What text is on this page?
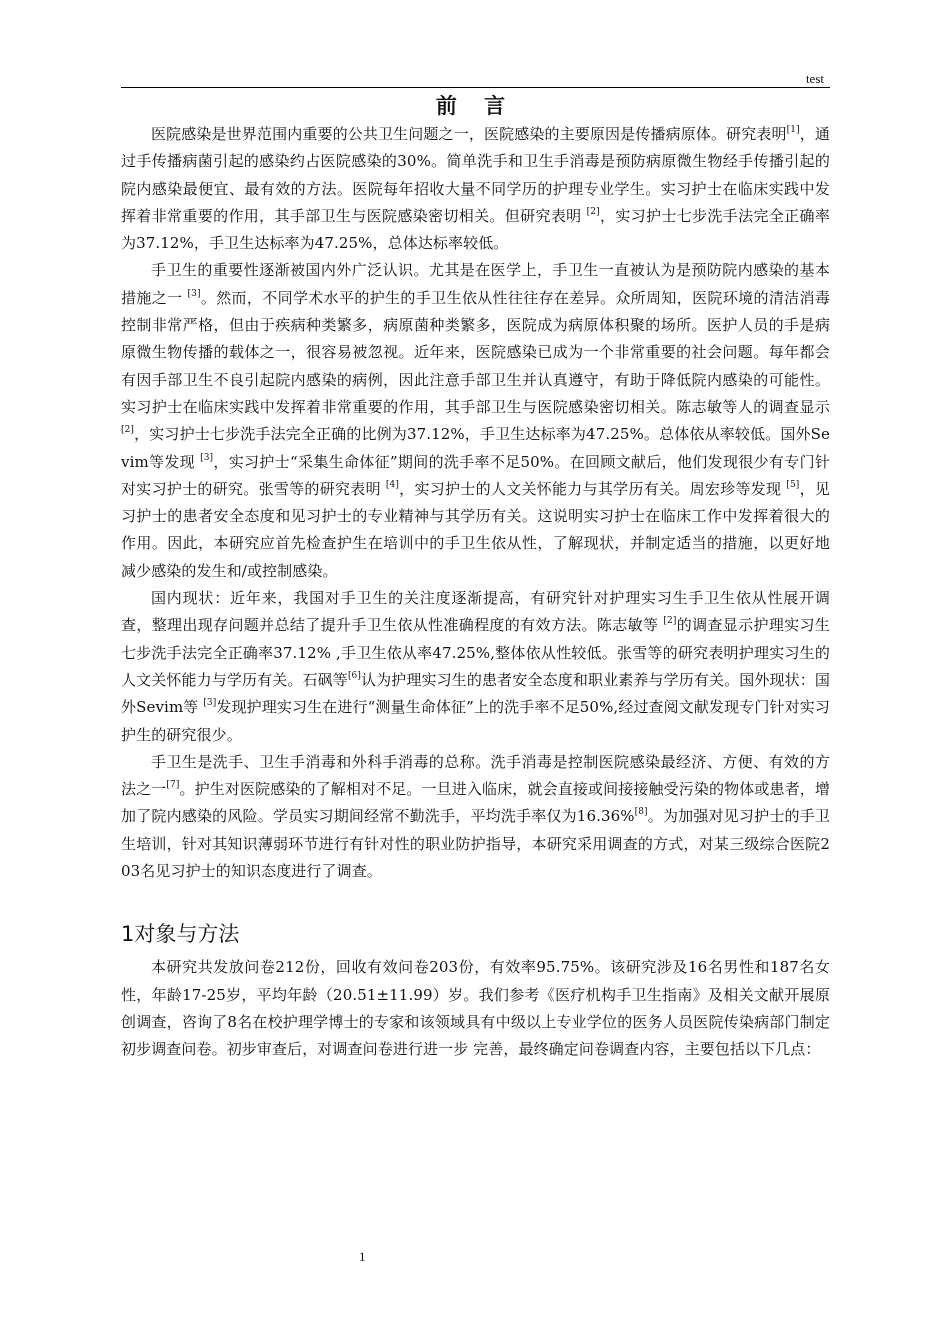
test
前 言

医院感染是世界范围内重要的公共卫生问题之一，医院感染的主要原因是传播病原体。研究表明[1]，通过手传播病菌引起的感染约占医院感染的30%。简单洗手和卫生手消毒是预防病原微生物经手传播引起的院内感染最便宜、最有效的方法。医院每年招收大量不同学历的护理专业学生。实习护士在临床实践中发挥着非常重要的作用，其手部卫生与医院感染密切相关。但研究表明 [2]，实习护士七步洗手法完全正确率为37.12%，手卫生达标率为47.25%，总体达标率较低。

手卫生的重要性逐渐被国内外广泛认识。尤其是在医学上，手卫生一直被认为是预防院内感染的基本措施之一 [3]。然而，不同学术水平的护生的手卫生依从性往往存在差异。众所周知，医院环境的清洁消毒控制非常严格，但由于疾病种类繁多，病原菌种类繁多，医院成为病原体积聚的场所。医护人员的手是病原微生物传播的载体之一，很容易被忽视。近年来，医院感染已成为一个非常重要的社会问题。每年都会有因手部卫生不良引起院内感染的病例，因此注意手部卫生并认真遵守，有助于降低院内感染的可能性。实习护士在临床实践中发挥着非常重要的作用，其手部卫生与医院感染密切相关。陈志敏等人的调查显示 [2]，实习护士七步洗手法完全正确的比例为37.12%，手卫生达标率为47.25%。总体依从率较低。国外Sevim等发现 [3]，实习护士“采集生命体征”期间的洗手率不足50%。在回顾文献后，他们发现很少有专门针对实习护士的研究。张雪等的研究表明 [4]，实习护士的人文关怀能力与其学历有关。周宏珍等发现 [5]，见习护士的患者安全态度和见习护士的专业精神与其学历有关。这说明实习护士在临床工作中发挥着很大的作用。因此，本研究应首先检查护生在培训中的手卫生依从性，了解现状，并制定适当的措施，以更好地减少感染的发生和/或控制感染。

国内现状：近年来，我国对手卫生的关注度逐渐提高，有研究针对护理实习生手卫生依从性展开调查，整理出现存问题并总结了提升手卫生依从性准确程度的有效方法。陈志敏等 [2]的调查显示护理实习生七步洗手法完全正确率37.12% ,手卫生依从率47.25%,整体依从性较低。张雪等的研究表明护理实习生的人文关怀能力与学历有关。石砜等[6]认为护理实习生的患者安全态度和职业素养与学历有关。国外现状：国外Sevim等 [3]发现护理实习生在进行“测量生命体征”上的洗手率不足50%,经过查阅文献发现专门针对实习护生的研究很少。

手卫生是洗手、卫生手消毒和外科手消毒的总称。洗手消毒是控制医院感染最经济、方便、有效的方法之一[7]。护生对医院感染的了解相对不足。一旦进入临床，就会直接或间接接触受污染的物体或患者，增加了院内感染的风险。学员实习期间经常不勤洗手，平均洗手率仅为16.36%[8]。为加强对见习护士的手卫生培训，针对其知识薄弱环节进行有针对性的职业防护指导，本研究采用调查的方式，对某三级综合医院203名见习护士的知识态度进行了调查。

1对象与方法

本研究共发放问卷212份，回收有效问卷203份，有效率95.75%。该研究涉及16名男性和187名女性，年龄17-25岁，平均年龄（20.51±11.99）岁。我们参考《医疗机构手卫生指南》及相关文献开展原创调查，咨询了8名在校护理学博士的专家和该领域具有中级以上专业学位的医务人员医院传染病部门制定初步调查问卷。初步审查后，对调查问卷进行进一步 完善，最终确定问卷调查内容，主要包括以下几点：

1
